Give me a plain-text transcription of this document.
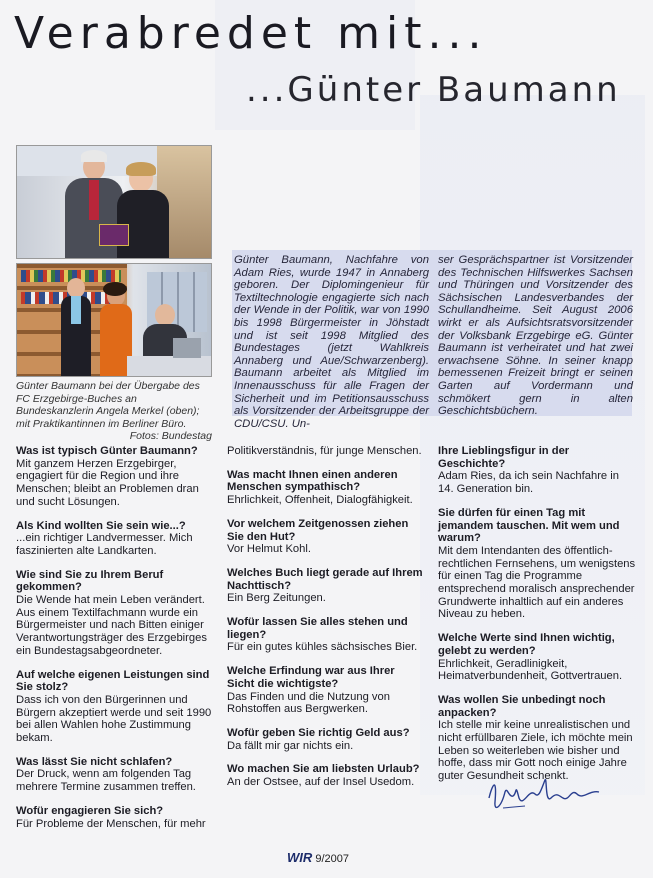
Verabredet mit...
...Günter Baumann
Günter Baumann bei der Übergabe des FC Erzgebirge-Buches an Bundeskanzlerin Angela Merkel (oben); mit Praktikantinnen im Berliner Büro.
Fotos: Bundestag
Günter Baumann, Nachfahre von Adam Ries, wurde 1947 in Annaberg geboren. Der Diplomingenieur für Textiltechnologie engagierte sich nach der Wende in der Politik, war von 1990 bis 1998 Bürgermeister in Jöhstadt und ist seit 1998 Mitglied des Bundestages (jetzt Wahlkreis Annaberg und Aue/Schwarzenberg). Baumann arbeitet als Mitglied im Innenausschuss für alle Fragen der Sicherheit und im Petitionsausschuss als Vorsitzender der Arbeitsgruppe der CDU/CSU. Un-
ser Gesprächspartner ist Vorsitzender des Technischen Hilfswerkes Sachsen und Thüringen und Vorsitzender des Sächsischen Landesverbandes der Schullandheime. Seit August 2006 wirkt er als Aufsichtsratsvorsitzender der Volksbank Erzgebirge eG. Günter Baumann ist verheiratet und hat zwei erwachsene Söhne. In seiner knapp bemessenen Freizeit bringt er seinen Garten auf Vordermann und schmökert gern in alten Geschichtsbüchern.

Was ist typisch Günter Baumann?

Mit ganzem Herzen Erzgebirger, engagiert für die Region und ihre Menschen; bleibt an Problemen dran und sucht Lösungen.

Als Kind wollten Sie sein wie...?

...ein richtiger Landvermesser. Mich faszinierten alte Landkarten.

Wie sind Sie zu Ihrem Beruf gekommen?

Die Wende hat mein Leben verändert. Aus einem Textilfachmann wurde ein Bürgermeister und nach Bitten einiger Verantwortungsträger des Erzgebirges ein Bundestagsabgeordneter.

Auf welche eigenen Leistungen sind Sie stolz?

Dass ich von den Bürgerinnen und Bürgern akzeptiert werde und seit 1990 bei allen Wahlen hohe Zustimmung bekam.

Was lässt Sie nicht schlafen?

Der Druck, wenn am folgenden Tag mehrere Termine zusammen treffen.

Wofür engagieren Sie sich?

Für Probleme der Menschen, für mehr

Politikverständnis, für junge Menschen.

Was macht Ihnen einen anderen Menschen sympathisch?

Ehrlichkeit, Offenheit, Dialogfähigkeit.

Vor welchem Zeitgenossen ziehen Sie den Hut?

Vor Helmut Kohl.

Welches Buch liegt gerade auf Ihrem Nachttisch?

Ein Berg Zeitungen.

Wofür lassen Sie alles stehen und liegen?

Für ein gutes kühles sächsisches Bier.

Welche Erfindung war aus Ihrer Sicht die wichtigste?

Das Finden und die Nutzung von Rohstoffen aus Bergwerken.

Wofür geben Sie richtig Geld aus?

Da fällt mir gar nichts ein.

Wo machen Sie am liebsten Urlaub?

An der Ostsee, auf der Insel Usedom.

Ihre Lieblingsfigur in der Geschichte?

Adam Ries, da ich sein Nachfahre in 14. Generation bin.

Sie dürfen für einen Tag mit jemandem tauschen. Mit wem und warum?

Mit dem Intendanten des öffentlich-rechtlichen Fernsehens, um wenigstens für einen Tag die Programme entsprechend moralisch ansprechender Grundwerte inhaltlich auf ein anderes Niveau zu heben.

Welche Werte sind Ihnen wichtig, gelebt zu werden?

Ehrlichkeit, Geradlinigkeit, Heimatverbundenheit, Gottvertrauen.

Was wollen Sie unbedingt noch anpacken?

Ich stelle mir keine unrealistischen und nicht erfüllbaren Ziele, ich möchte mein Leben so weiterleben wie bisher und hoffe, dass mir Gott noch einige Jahre guter Gesundheit schenkt.

WIR 9/2007
